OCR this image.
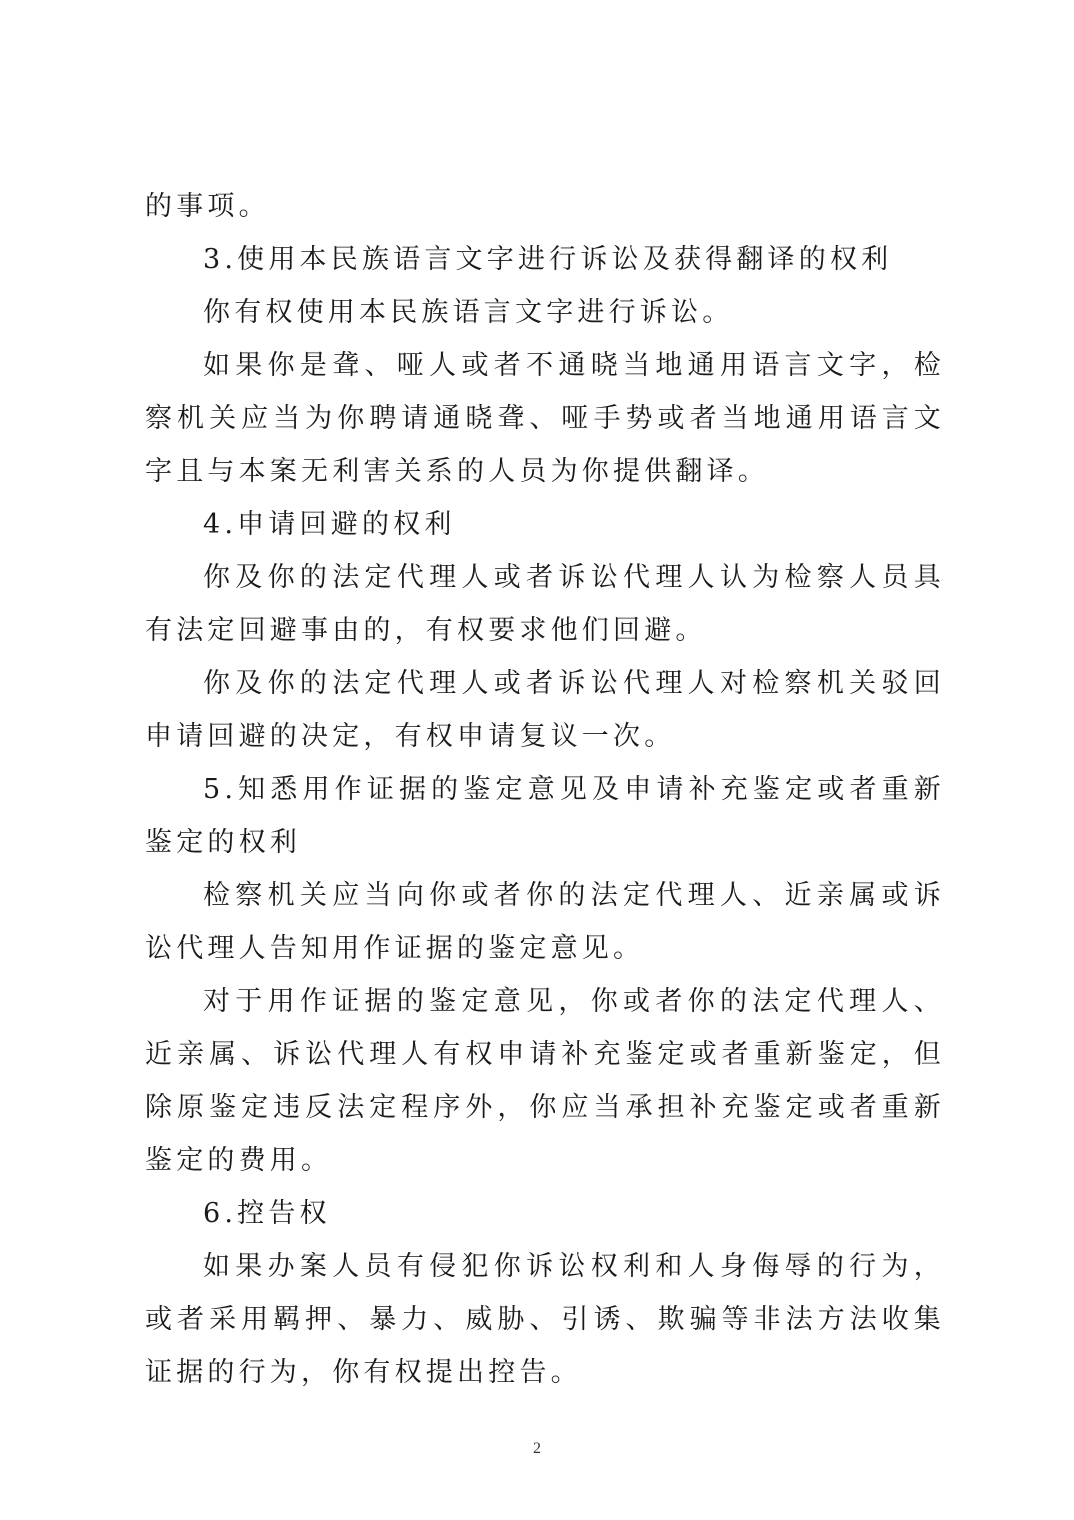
的事项。

3.使用本民族语言文字进行诉讼及获得翻译的权利

你有权使用本民族语言文字进行诉讼。

如果你是聋、哑人或者不通晓当地通用语言文字，检察机关应当为你聘请通晓聋、哑手势或者当地通用语言文字且与本案无利害关系的人员为你提供翻译。

4.申请回避的权利

你及你的法定代理人或者诉讼代理人认为检察人员具有法定回避事由的，有权要求他们回避。

你及你的法定代理人或者诉讼代理人对检察机关驳回申请回避的决定，有权申请复议一次。

5.知悉用作证据的鉴定意见及申请补充鉴定或者重新鉴定的权利

检察机关应当向你或者你的法定代理人、近亲属或诉讼代理人告知用作证据的鉴定意见。

对于用作证据的鉴定意见，你或者你的法定代理人、近亲属、诉讼代理人有权申请补充鉴定或者重新鉴定，但除原鉴定违反法定程序外，你应当承担补充鉴定或者重新鉴定的费用。

6.控告权

如果办案人员有侵犯你诉讼权利和人身侮辱的行为，或者采用羁押、暴力、威胁、引诱、欺骗等非法方法收集证据的行为，你有权提出控告。

2
